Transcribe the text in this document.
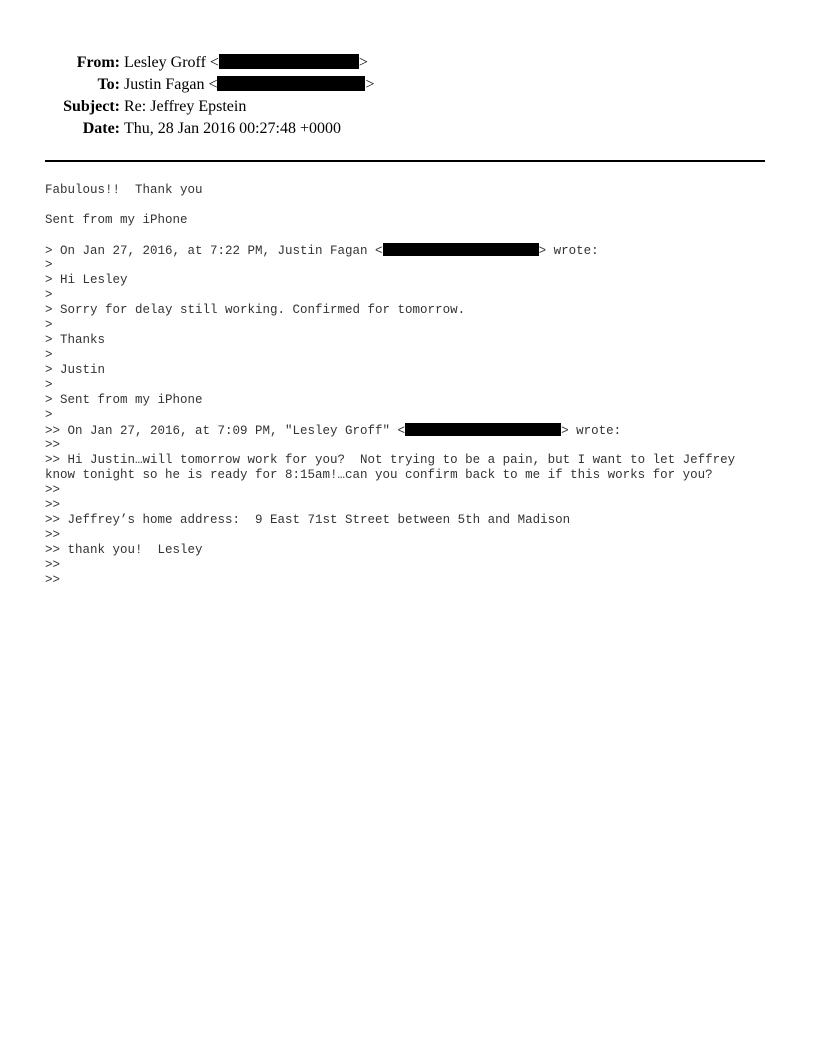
From: Lesley Groff <	>
To: Justin Fagan <	>
Subject: Re: Jeffrey Epstein
Date: Thu, 28 Jan 2016 00:27:48 +0000
Fabulous!!  Thank you
Sent from my iPhone
> On Jan 27, 2016, at 7:22 PM, Justin Fagan <	> wrote:
>
> Hi Lesley
>
> Sorry for delay still working. Confirmed for tomorrow.
>
> Thanks
>
> Justin
>
> Sent from my iPhone
>
>> On Jan 27, 2016, at 7:09 PM, "Lesley Groff" <	> wrote:
>>
>> Hi Justin…will tomorrow work for you?  Not trying to be a pain, but I want to let Jeffrey
know tonight so he is ready for 8:15am!…can you confirm back to me if this works for you?
>>
>>
>> Jeffrey’s home address:  9 East 71st Street between 5th and Madison
>>
>> thank you!  Lesley
>>
>>
